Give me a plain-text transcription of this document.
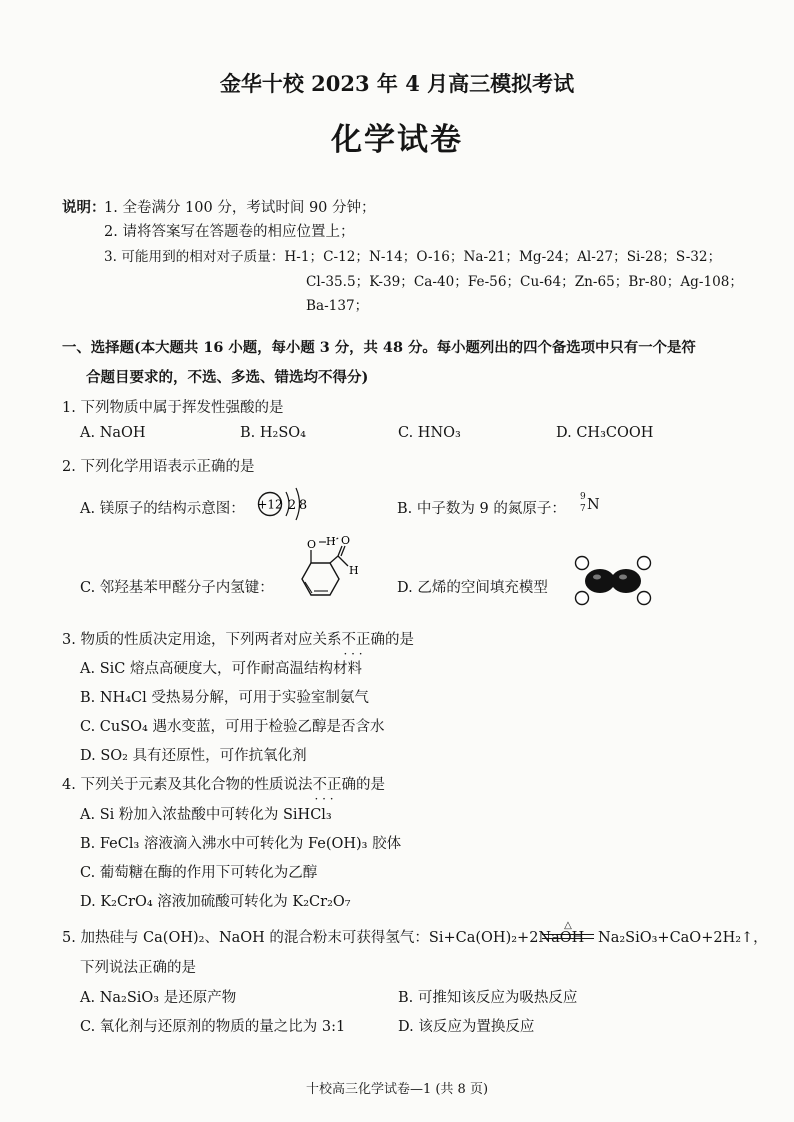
金华十校 2023 年 4 月高三模拟考试
化学试卷
说明：
1. 全卷满分 100 分，考试时间 90 分钟；
2. 请将答案写在答题卷的相应位置上；
3. 可能用到的相对对子质量：H-1；C-12；N-14；O-16；Na-21；Mg-24；Al-27；Si-28；S-32；
Cl-35.5；K-39；Ca-40；Fe-56；Cu-64；Zn-65；Br-80；Ag-108；
Ba-137；
一、选择题(本大题共 16 小题，每小题 3 分，共 48 分。每小题列出的四个备选项中只有一个是符
合题目要求的，不选、多选、错选均不得分)
1. 下列物质中属于挥发性强酸的是
A. NaOH	B. H₂SO₄	C. HNO₃	D. CH₃COOH
2. 下列化学用语表示正确的是
A. 镁原子的结构示意图： +12 2 8	B. 中子数为 9 的氮原子：
9
7 N
C. 邻羟基苯甲醛分子内氢键：
O H O
H
D. 乙烯的空间填充模型
3. 物质的性质决定用途，下列两者对应关系不正确 · · ·的是
A. SiC 熔点高硬度大，可作耐高温结构材料
B. NH₄Cl 受热易分解，可用于实验室制氨气
C. CuSO₄ 遇水变蓝，可用于检验乙醇是否含水
D. SO₂ 具有还原性，可作抗氧化剂
4. 下列关于元素及其化合物的性质说法不正确 · · ·的是
A. Si 粉加入浓盐酸中可转化为 SiHCl₃
B. FeCl₃ 溶液滴入沸水中可转化为 Fe(OH)₃ 胶体
C. 葡萄糖在酶的作用下可转化为乙醇
D. K₂CrO₄ 溶液加硫酸可转化为 K₂Cr₂O₇
5. 加热硅与 Ca(OH)₂、NaOH 的混合粉末可获得氢气：Si+Ca(OH)₂+2NaOH
△
Na₂SiO₃+CaO+2H₂↑，
下列说法正确的是
A. Na₂SiO₃ 是还原产物	B. 可推知该反应为吸热反应
C. 氧化剂与还原剂的物质的量之比为 3:1	D. 该反应为置换反应
十校高三化学试卷—1 (共 8 页)
